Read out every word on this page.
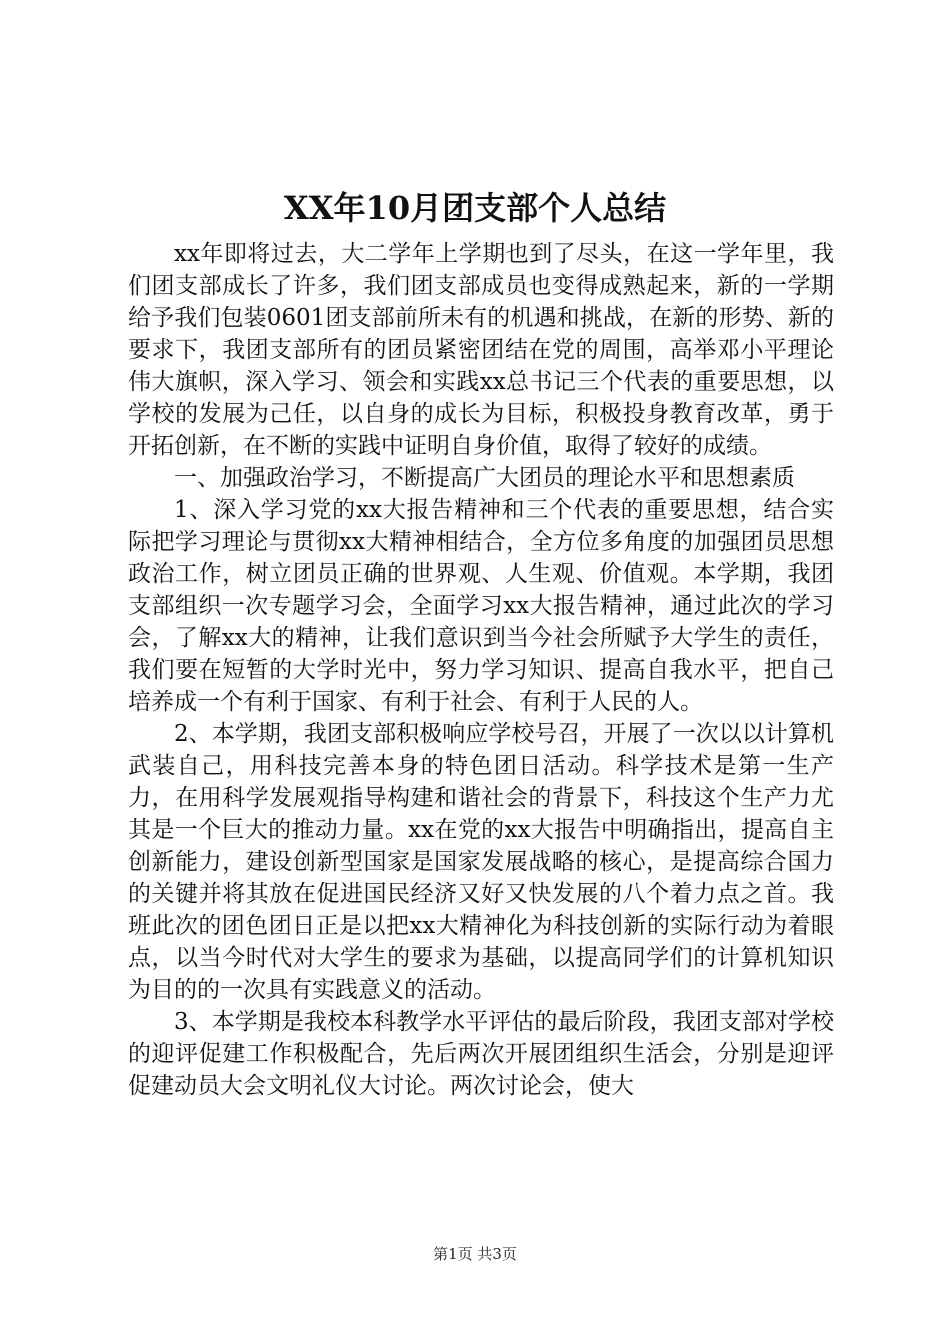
XX年10月团支部个人总结

xx年即将过去，大二学年上学期也到了尽头，在这一学年里，我们团支部成长了许多，我们团支部成员也变得成熟起来，新的一学期给予我们包装0601团支部前所未有的机遇和挑战，在新的形势、新的要求下，我团支部所有的团员紧密团结在党的周围，高举邓小平理论伟大旗帜，深入学习、领会和实践xx总书记三个代表的重要思想，以学校的发展为己任，以自身的成长为目标，积极投身教育改革，勇于开拓创新，在不断的实践中证明自身价值，取得了较好的成绩。

一、加强政治学习，不断提高广大团员的理论水平和思想素质

1、深入学习党的xx大报告精神和三个代表的重要思想，结合实际把学习理论与贯彻xx大精神相结合，全方位多角度的加强团员思想政治工作，树立团员正确的世界观、人生观、价值观。本学期，我团支部组织一次专题学习会，全面学习xx大报告精神，通过此次的学习会，了解xx大的精神，让我们意识到当今社会所赋予大学生的责任，我们要在短暂的大学时光中，努力学习知识、提高自我水平，把自己培养成一个有利于国家、有利于社会、有利于人民的人。

2、本学期，我团支部积极响应学校号召，开展了一次以以计算机武装自己，用科技完善本身的特色团日活动。科学技术是第一生产力，在用科学发展观指导构建和谐社会的背景下，科技这个生产力尤其是一个巨大的推动力量。xx在党的xx大报告中明确指出，提高自主创新能力，建设创新型国家是国家发展战略的核心，是提高综合国力的关键并将其放在促进国民经济又好又快发展的八个着力点之首。我班此次的团色团日正是以把xx大精神化为科技创新的实际行动为着眼点，以当今时代对大学生的要求为基础，以提高同学们的计算机知识为目的的一次具有实践意义的活动。

3、本学期是我校本科教学水平评估的最后阶段，我团支部对学校的迎评促建工作积极配合，先后两次开展团组织生活会，分别是迎评促建动员大会文明礼仪大讨论。两次讨论会，使大

第1页 共3页
